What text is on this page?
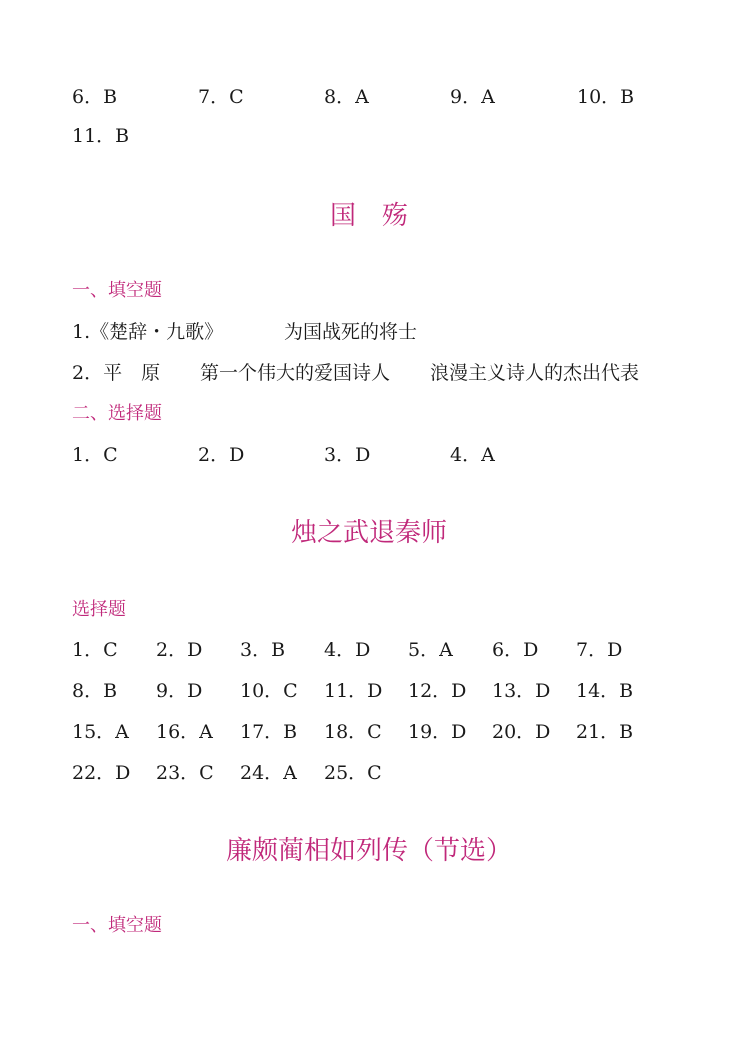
6．B	7．C	8．A	9．A	10．B
11．B
国　殇
一、填空题
1.《楚辞・九歌》	为国战死的将士
2．平　原 第一个伟大的爱国诗人 浪漫主义诗人的杰出代表
二、选择题
1．C	2．D	3．D	4．A
烛之武退秦师
选择题
1．C 2．D 3．B 4．D 5．A 6．D 7．D
8．B 9．D 10．C 11．D 12．D 13．D 14．B
15．A 16．A 17．B 18．C 19．D 20．D 21．B
22．D 23．C 24．A 25．C
廉颇蔺相如列传（节选）
一、填空题
